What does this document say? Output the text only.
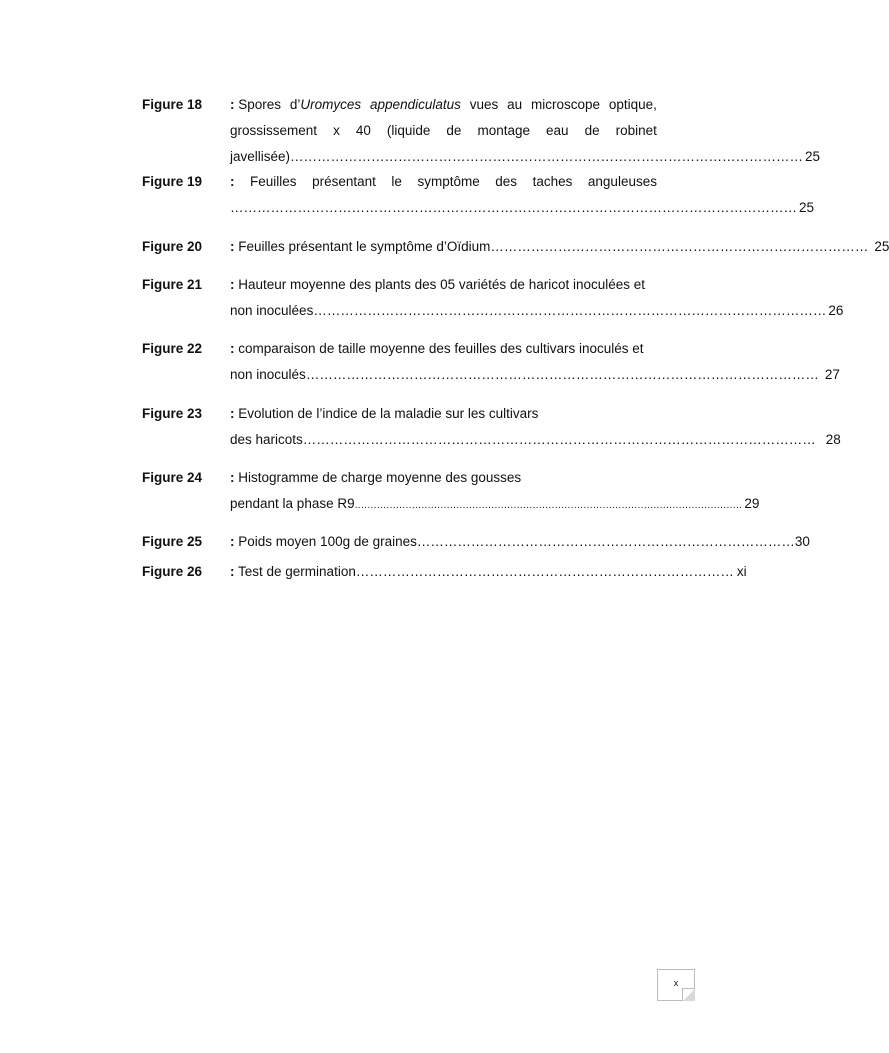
Figure 18 : Spores d’Uromyces appendiculatus vues au microscope optique,
grossissement x 40 (liquide de montage eau de robinet
javellisée) …………………………………………………………………………………………………… 25
Figure 19 : Feuilles présentant le symptôme des taches anguleuses
……………………………………………………………………………………………………………… 25
Figure 20 : Feuilles présentant le symptôme d’Oïdium ………………………………………………………………………… 25
Figure 21 : Hauteur moyenne des plants des 05 variétés de haricot inoculées et
non inoculées …………………………………………………………………………………………………… 26
Figure 22 : comparaison de taille moyenne des feuilles des cultivars inoculés et
non inoculés …………………………………………………………………………………………………… 27
Figure 23 : Evolution de l’indice de la maladie sur les cultivars
des haricots …………………………………………………………………………………………………… 28
Figure 24 : Histogramme de charge moyenne des gousses
pendant la phase R9 .......................................................................................................................... 29
Figure 25 : Poids moyen 100g de graines ………………………………………………………………………… 30
Figure 26 : Test de germination ………………………………………………………………………… xi
x
